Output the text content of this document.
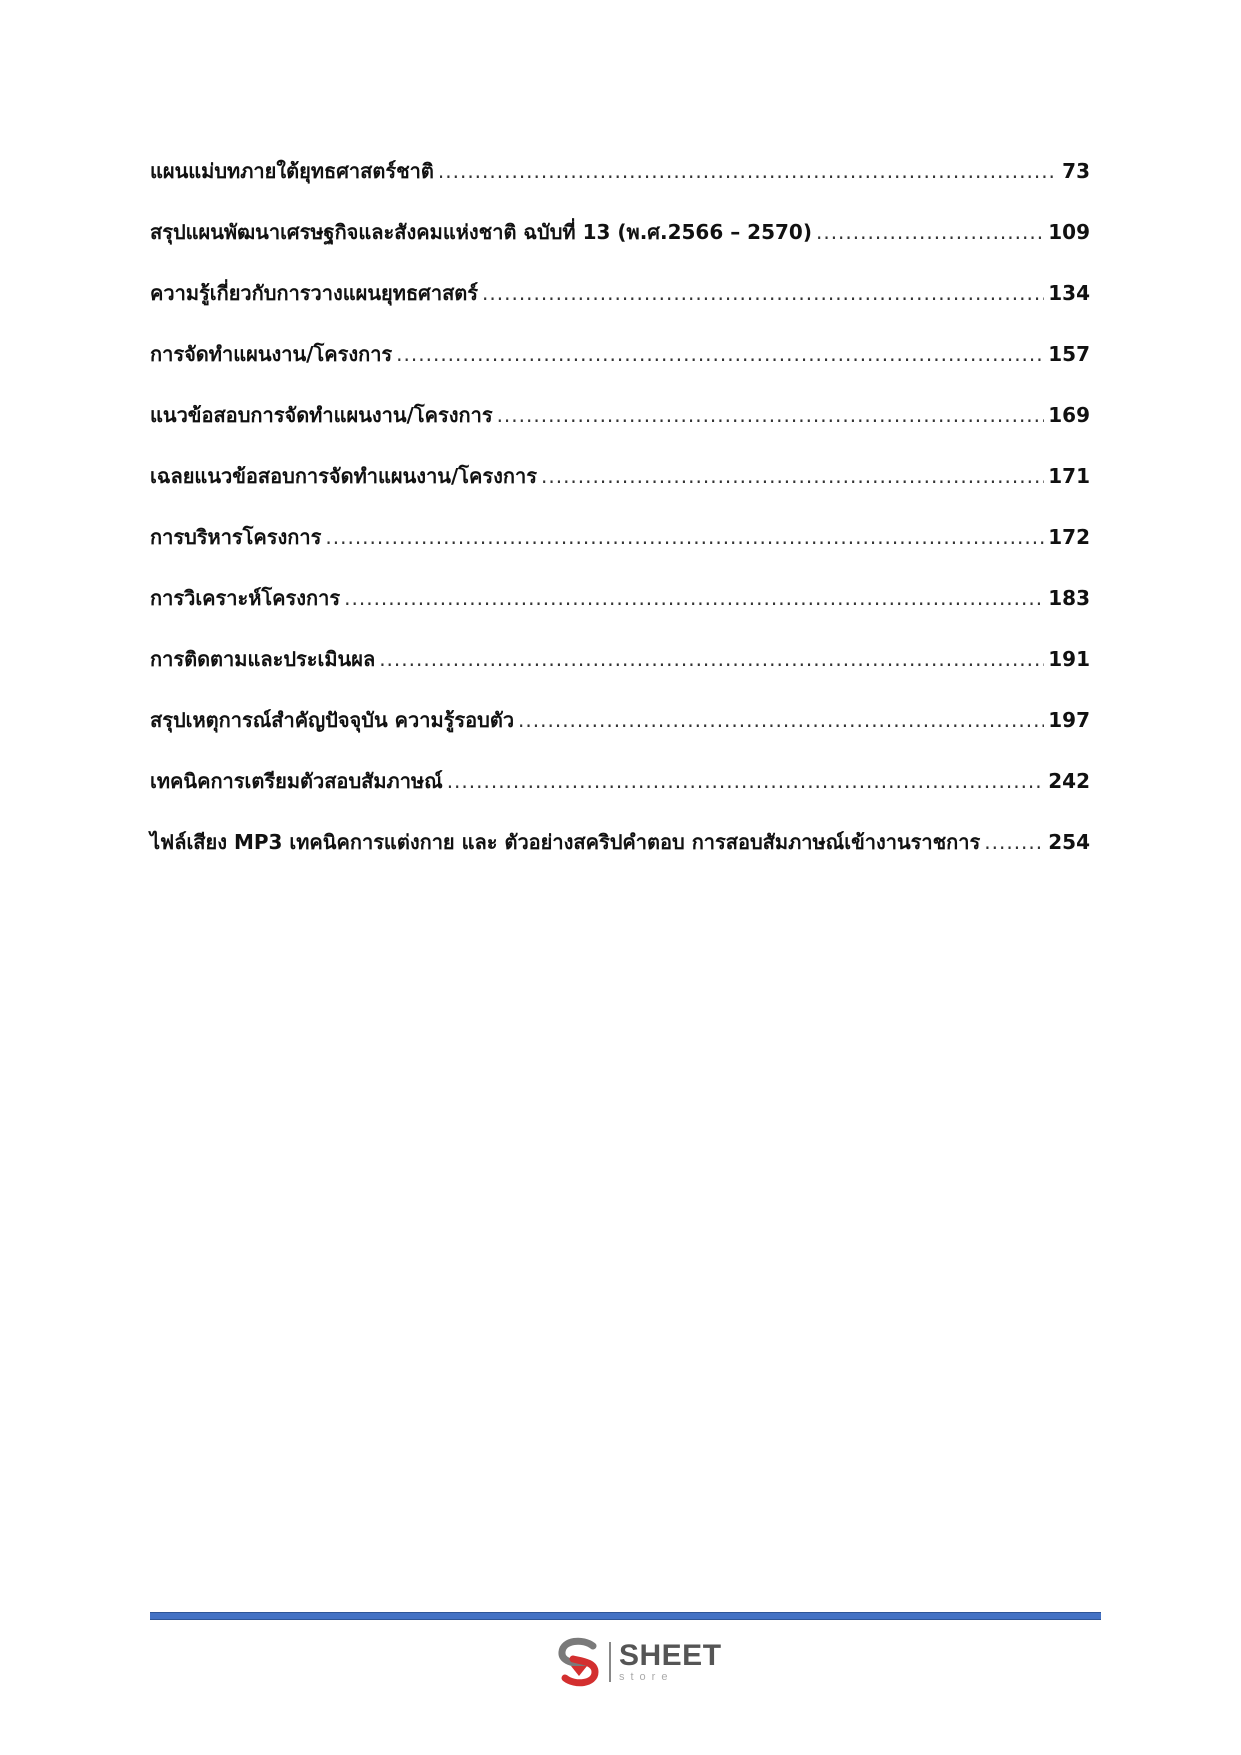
แผนแม่บทภายใต้ยุทธศาสตร์ชาติ .....	73
สรุปแผนพัฒนาเศรษฐกิจและสังคมแห่งชาติ ฉบับที่ 13 (พ.ศ.2566 – 2570) .....	109
ความรู้เกี่ยวกับการวางแผนยุทธศาสตร์ .....	134
การจัดทำแผนงาน/โครงการ .....	157
แนวข้อสอบการจัดทำแผนงาน/โครงการ .....	169
เฉลยแนวข้อสอบการจัดทำแผนงาน/โครงการ .....	171
การบริหารโครงการ .....	172
การวิเคราะห์โครงการ .....	183
การติดตามและประเมินผล .....	191
สรุปเหตุการณ์สำคัญปัจจุบัน ความรู้รอบตัว .....	197
เทคนิคการเตรียมตัวสอบสัมภาษณ์ .....	242
ไฟล์เสียง MP3 เทคนิคการแต่งกาย และ ตัวอย่างสคริปคำตอบ การสอบสัมภาษณ์เข้างานราชการ .....	254
SHEET
store
